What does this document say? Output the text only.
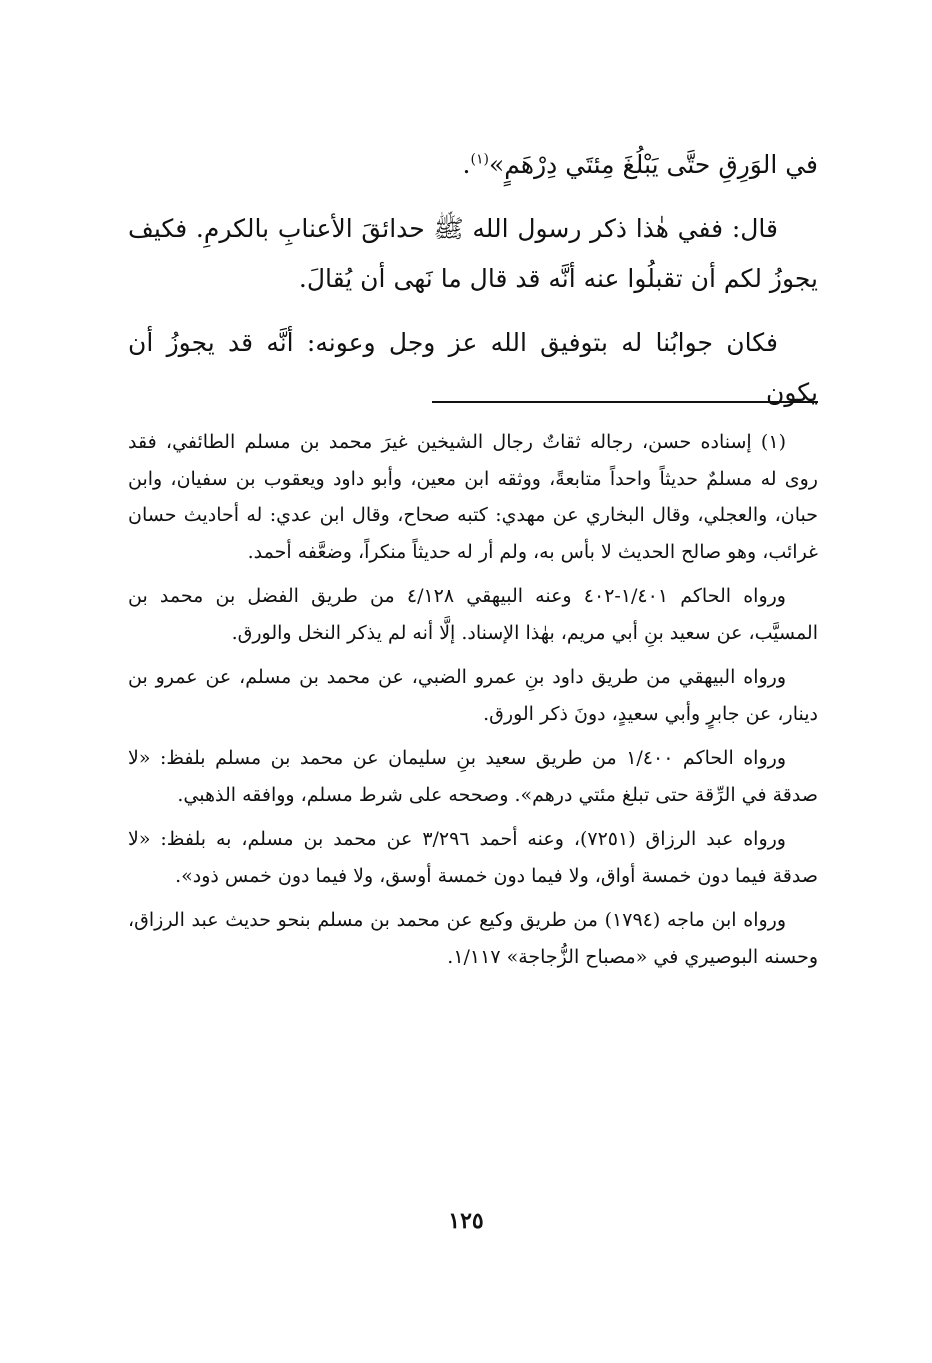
في الوَرِقِ حتَّى يَبْلُغَ مِئتَي دِرْهَمٍ»$^{(١)}$.

قال: ففي هٰذا ذكر رسول الله ﷺ حدائقَ الأعنابِ بالكرمِ. فكيف يجوزُ لكم أن تقبلُوا عنه أنَّه قد قال ما نَهى أن يُقالَ.

فكان جوابُنا له بتوفيق الله عز وجل وعونه: أنَّه قد يجوزُ أن يكون

(١) إسناده حسن، رجاله ثقاتٌ رجال الشيخين غيرَ محمد بن مسلم الطائفي، فقد روى له مسلمٌ حديثاً واحداً متابعةً، ووثقه ابن معين، وأبو داود ويعقوب بن سفيان، وابن حبان، والعجلي، وقال البخاري عن مهدي: كتبه صحاح، وقال ابن عدي: له أحاديث حسان غرائب، وهو صالح الحديث لا بأس به، ولم أر له حديثاً منكراً، وضعَّفه أحمد.

ورواه الحاكم ١/٤٠١-٤٠٢ وعنه البيهقي ٤/١٢٨ من طريق الفضل بن محمد بن المسيَّب، عن سعيد بنِ أبي مريم، بهٰذا الإسناد. إلَّا أنه لم يذكر النخل والورق.

ورواه البيهقي من طريق داود بنِ عمرو الضبي، عن محمد بن مسلم، عن عمرو بن دينار، عن جابرٍ وأبي سعيدٍ، دونَ ذكر الورق.

ورواه الحاكم ١/٤٠٠ من طريق سعيد بنِ سليمان عن محمد بن مسلم بلفظ: «لا صدقة في الرِّقة حتى تبلغ مئتي درهم». وصححه على شرط مسلم، ووافقه الذهبي.

ورواه عبد الرزاق (٧٢٥١)، وعنه أحمد ٣/٢٩٦ عن محمد بن مسلم، به بلفظ: «لا صدقة فيما دون خمسة أواق، ولا فيما دون خمسة أوسق، ولا فيما دون خمس ذود».

ورواه ابن ماجه (١٧٩٤) من طريق وكيع عن محمد بن مسلم بنحو حديث عبد الرزاق، وحسنه البوصيري في «مصباح الزُّجاجة» ١/١١٧.

١٢٥
